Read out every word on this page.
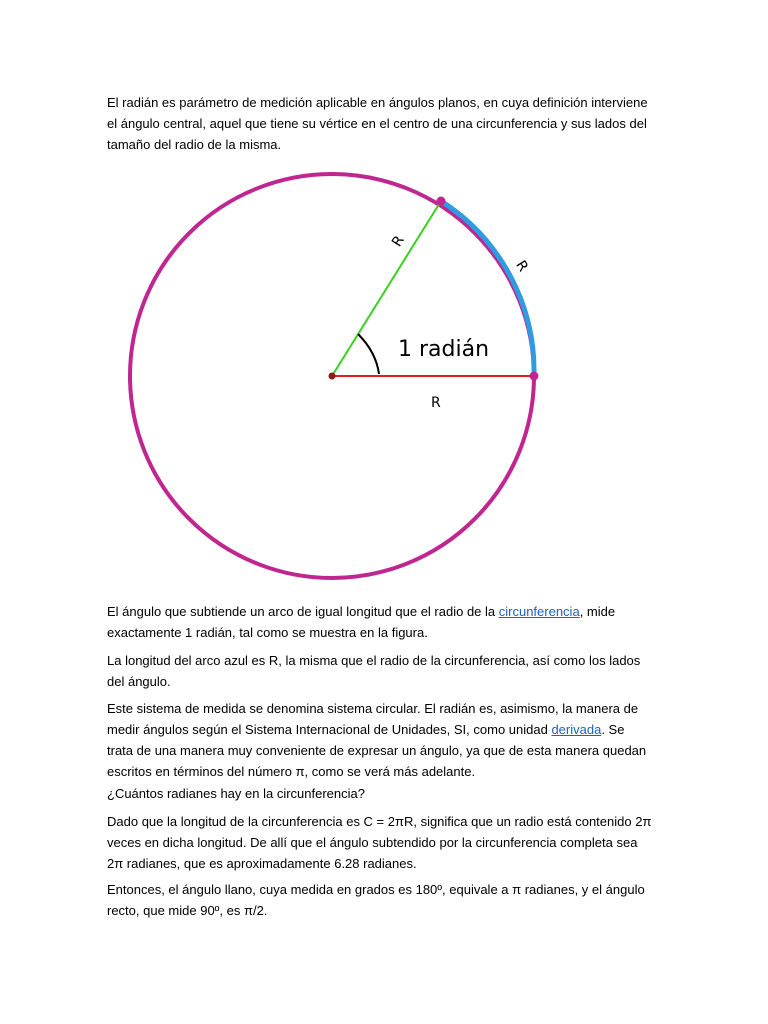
El radián es parámetro de medición aplicable en ángulos planos, en cuya definición interviene el ángulo central, aquel que tiene su vértice en el centro de una circunferencia y sus lados del tamaño del radio de la misma.

R
R
1 radián
R

El ángulo que subtiende un arco de igual longitud que el radio de la circunferencia, mide exactamente 1 radián, tal como se muestra en la figura.

La longitud del arco azul es R, la misma que el radio de la circunferencia, así como los lados del ángulo.

Este sistema de medida se denomina sistema circular. El radián es, asimismo, la manera de medir ángulos según el Sistema Internacional de Unidades, SI, como unidad derivada. Se trata de una manera muy conveniente de expresar un ángulo, ya que de esta manera quedan escritos en términos del número π, como se verá más adelante.

¿Cuántos radianes hay en la circunferencia?

Dado que la longitud de la circunferencia es C = 2πR, significa que un radio está contenido 2π veces en dicha longitud. De allí que el ángulo subtendido por la circunferencia completa sea 2π radianes, que es aproximadamente 6.28 radianes.

Entonces, el ángulo llano, cuya medida en grados es 180º, equivale a π radianes, y el ángulo recto, que mide 90º, es π/2.
